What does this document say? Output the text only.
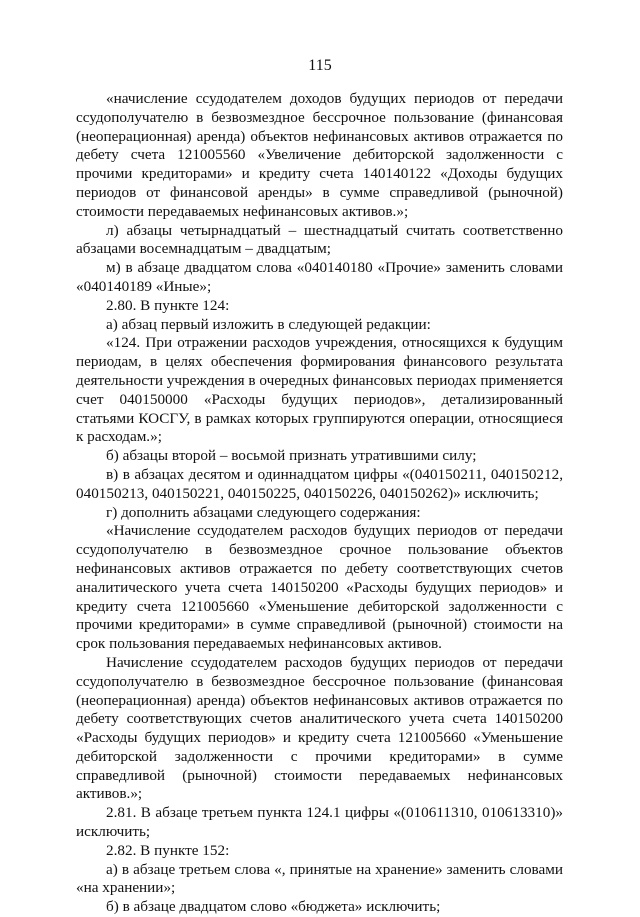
115

«начисление ссудодателем доходов будущих периодов от передачи ссудополучателю в безвозмездное бессрочное пользование (финансовая (неоперационная) аренда) объектов нефинансовых активов отражается по дебету счета 121005560 «Увеличение дебиторской задолженности с прочими кредиторами» и кредиту счета 140140122 «Доходы будущих периодов от финансовой аренды» в сумме справедливой (рыночной) стоимости передаваемых нефинансовых активов.»;

л) абзацы четырнадцатый – шестнадцатый считать соответственно абзацами восемнадцатым – двадцатым;

м) в абзаце двадцатом слова «040140180 «Прочие» заменить словами «040140189 «Иные»;

2.80. В пункте 124:

а) абзац первый изложить в следующей редакции:

«124. При отражении расходов учреждения, относящихся к будущим периодам, в целях обеспечения формирования финансового результата деятельности учреждения в очередных финансовых периодах применяется счет 040150000 «Расходы будущих периодов», детализированный статьями КОСГУ, в рамках которых группируются операции, относящиеся к расходам.»;

б) абзацы второй – восьмой признать утратившими силу;

в) в абзацах десятом и одиннадцатом цифры «(040150211, 040150212, 040150213, 040150221, 040150225, 040150226, 040150262)» исключить;

г) дополнить абзацами следующего содержания:

«Начисление ссудодателем расходов будущих периодов от передачи ссудополучателю в безвозмездное срочное пользование объектов нефинансовых активов отражается по дебету соответствующих счетов аналитического учета счета 140150200 «Расходы будущих периодов» и кредиту счета 121005660 «Уменьшение дебиторской задолженности с прочими кредиторами» в сумме справедливой (рыночной) стоимости на срок пользования передаваемых нефинансовых активов.

Начисление ссудодателем расходов будущих периодов от передачи ссудополучателю в безвозмездное бессрочное пользование (финансовая (неоперационная) аренда) объектов нефинансовых активов отражается по дебету соответствующих счетов аналитического учета счета 140150200 «Расходы будущих периодов» и кредиту счета 121005660 «Уменьшение дебиторской задолженности с прочими кредиторами» в сумме справедливой (рыночной) стоимости передаваемых нефинансовых активов.»;

2.81. В абзаце третьем пункта 124.1 цифры «(010611310, 010613310)» исключить;

2.82. В пункте 152:

а) в абзаце третьем слова «, принятые на хранение» заменить словами «на хранении»;

б) в абзаце двадцатом слово «бюджета» исключить;
